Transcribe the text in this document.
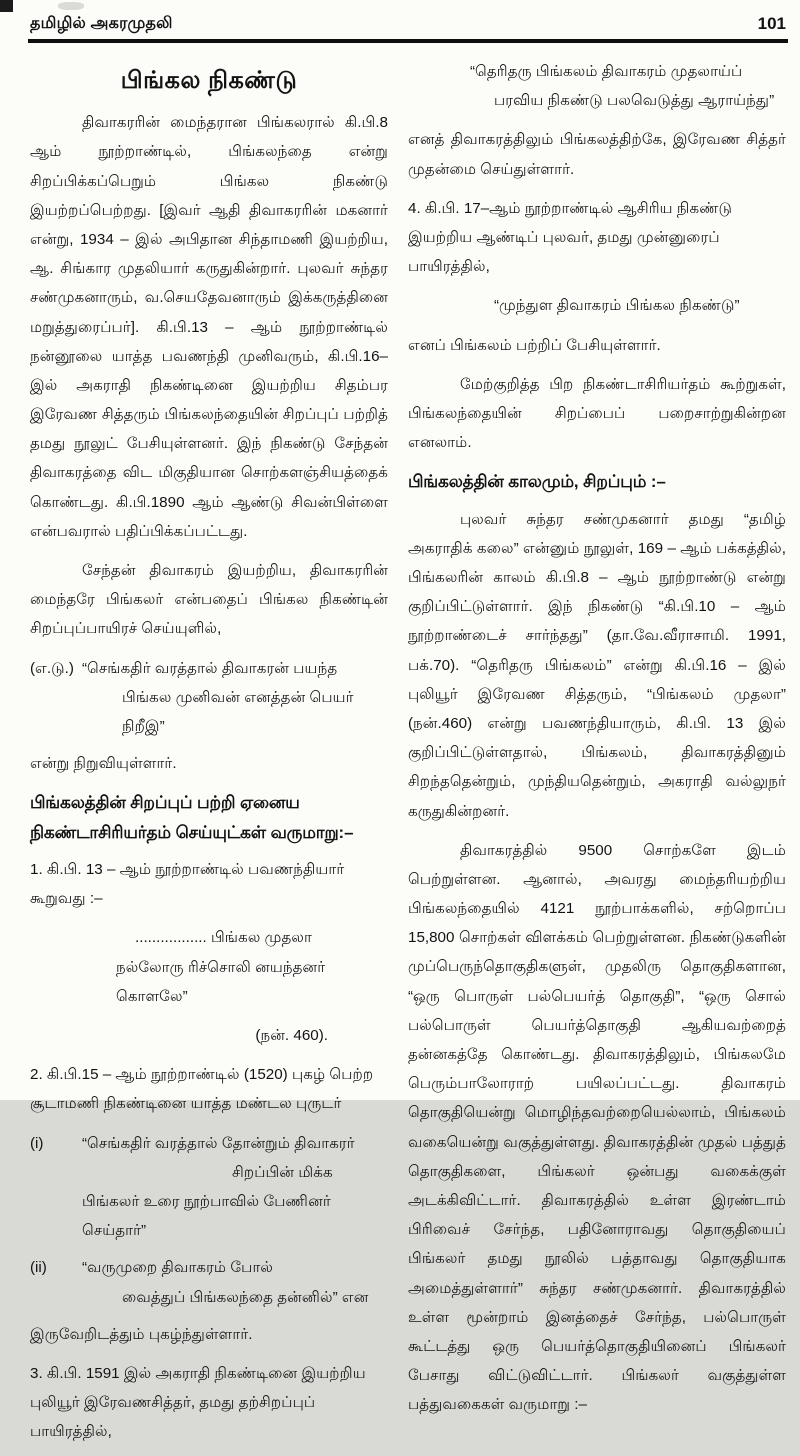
தமிழில் அகரமுதலி	101
பிங்கல நிகண்டு

திவாகரரின் மைந்தரான பிங்கலரால் கி.பி.8 ஆம் நூற்றாண்டில், பிங்கலந்தை என்று சிறப்பிக்கப்பெறும் பிங்கல நிகண்டு இயற்றப்பெற்றது. [இவர் ஆதி திவாகரரின் மகனார் என்று, 1934 – இல் அபிதான சிந்தாமணி இயற்றிய, ஆ. சிங்கார முதலியார் கருதுகின்றார். புலவர் சுந்தர சண்முகனாரும், வ.செயதேவனாரும் இக்கருத்தினை மறுத்துரைப்பர்]. கி.பி.13 – ஆம் நூற்றாண்டில் நன்னூலை யாத்த பவணந்தி முனிவரும், கி.பி.16–இல் அகராதி நிகண்டினை இயற்றிய சிதம்பர இரேவண சித்தரும் பிங்கலந்தையின் சிறப்புப் பற்றித் தமது நூலுட் பேசியுள்ளனர். இந் நிகண்டு சேந்தன் திவாகரத்தை விட மிகுதியான சொற்களஞ்சியத்தைக் கொண்டது. கி.பி.1890 ஆம் ஆண்டு சிவன்பிள்ளை என்பவரால் பதிப்பிக்கப்பட்டது.

சேந்தன் திவாகரம் இயற்றிய, திவாகரரின் மைந்தரே பிங்கலர் என்பதைப் பிங்கல நிகண்டின் சிறப்புப்பாயிரச் செய்யுளில்,

(எ.டு.) “செங்கதிர் வரத்தால் திவாகரன் பயந்த
பிங்கல முனிவன் எனத்தன் பெயர் நிறீஇ”

என்று நிறுவியுள்ளார்.

பிங்கலத்தின் சிறப்புப் பற்றி ஏனைய நிகண்டாசிரியர்தம் செய்யுட்கள் வருமாறு:–

1. கி.பி. 13 – ஆம் நூற்றாண்டில் பவணந்தியார் கூறுவது :–

................. பிங்கல முதலா
நல்லோரு ரிச்சொலி னயந்தனர் கொளலே”
(நன். 460).

2. கி.பி.15 – ஆம் நூற்றாண்டில் (1520) புகழ் பெற்ற சூடாமணி நிகண்டினை யாத்த மண்டல புருடர்

(i)	“செங்கதிர் வரத்தால் தோன்றும் திவாகரர்
சிறப்பின் மிக்க
பிங்கலர் உரை நூற்பாவில் பேணினர் செய்தார்”
(ii)	“வருமுறை திவாகரம் போல்
வைத்துப் பிங்கலந்தை தன்னில்” என

இருவேறிடத்தும் புகழ்ந்துள்ளார்.

3. கி.பி. 1591 இல் அகராதி நிகண்டினை இயற்றிய புலியூர் இரேவணசித்தர், தமது தற்சிறப்புப் பாயிரத்தில்,

“தெரிதரு பிங்கலம் திவாகரம் முதலாய்ப்
பரவிய நிகண்டு பலவெடுத்து ஆராய்ந்து”

எனத் திவாகரத்திலும் பிங்கலத்திற்கே, இரேவண சித்தர் முதன்மை செய்துள்ளார்.

4. கி.பி. 17–ஆம் நூற்றாண்டில் ஆசிரிய நிகண்டு இயற்றிய ஆண்டிப் புலவர், தமது முன்னுரைப் பாயிரத்தில்,

“முந்துள திவாகரம் பிங்கல நிகண்டு”

எனப் பிங்கலம் பற்றிப் பேசியுள்ளார்.

மேற்குறித்த பிற நிகண்டாசிரியர்தம் கூற்றுகள், பிங்கலந்தையின் சிறப்பைப் பறைசாற்றுகின்றன எனலாம்.

பிங்கலத்தின் காலமும், சிறப்பும் :–

புலவர் சுந்தர சண்முகனார் தமது “தமிழ் அகராதிக் கலை” என்னும் நூலுள், 169 – ஆம் பக்கத்தில், பிங்கலரின் காலம் கி.பி.8 – ஆம் நூற்றாண்டு என்று குறிப்பிட்டுள்ளார். இந் நிகண்டு “கி.பி.10 – ஆம் நூற்றாண்டைச் சார்ந்தது” (தா.வே.வீராசாமி. 1991, பக்.70). “தெரிதரு பிங்கலம்” என்று கி.பி.16 – இல் புலியூர் இரேவண சித்தரும், “பிங்கலம் முதலா” (நன்.460) என்று பவணந்தியாரும், கி.பி. 13 இல் குறிப்பிட்டுள்ளதால், பிங்கலம், திவாகரத்தினும் சிறந்ததென்றும், முந்தியதென்றும், அகராதி வல்லுநர் கருதுகின்றனர்.

திவாகரத்தில் 9500 சொற்களே இடம் பெற்றுள்ளன. ஆனால், அவரது மைந்தரியற்றிய பிங்கலந்தையில் 4121 நூற்பாக்களில், சற்றொப்ப 15,800 சொற்கள் விளக்கம் பெற்றுள்ளன. நிகண்டுகளின் முப்பெருந்தொகுதிகளுள், முதலிரு தொகுதிகளான, “ஒரு பொருள் பல்பெயர்த் தொகுதி”, “ஒரு சொல் பல்பொருள் பெயர்த்தொகுதி ஆகியவற்றைத் தன்னகத்தே கொண்டது. திவாகரத்திலும், பிங்கலமே பெரும்பாலோராற் பயிலப்பட்டது. திவாகரம் தொகுதியென்று மொழிந்தவற்றையெல்லாம், பிங்கலம் வகையென்று வகுத்துள்ளது. திவாகரத்தின் முதல் பத்துத் தொகுதிகளை, பிங்கலர் ஒன்பது வகைக்குள் அடக்கிவிட்டார். திவாகரத்தில் உள்ள இரண்டாம் பிரிவைச் சேர்ந்த, பதினோராவது தொகுதியைப் பிங்கலர் தமது நூலில் பத்தாவது தொகுதியாக அமைத்துள்ளார்” சுந்தர சண்முகனார். திவாகரத்தில் உள்ள மூன்றாம் இனத்தைச் சேர்ந்த, பல்பொருள் கூட்டத்து ஒரு பெயர்த்தொகுதியினைப் பிங்கலர் பேசாது விட்டுவிட்டார். பிங்கலர் வகுத்துள்ள பத்துவகைகள் வருமாறு :–
